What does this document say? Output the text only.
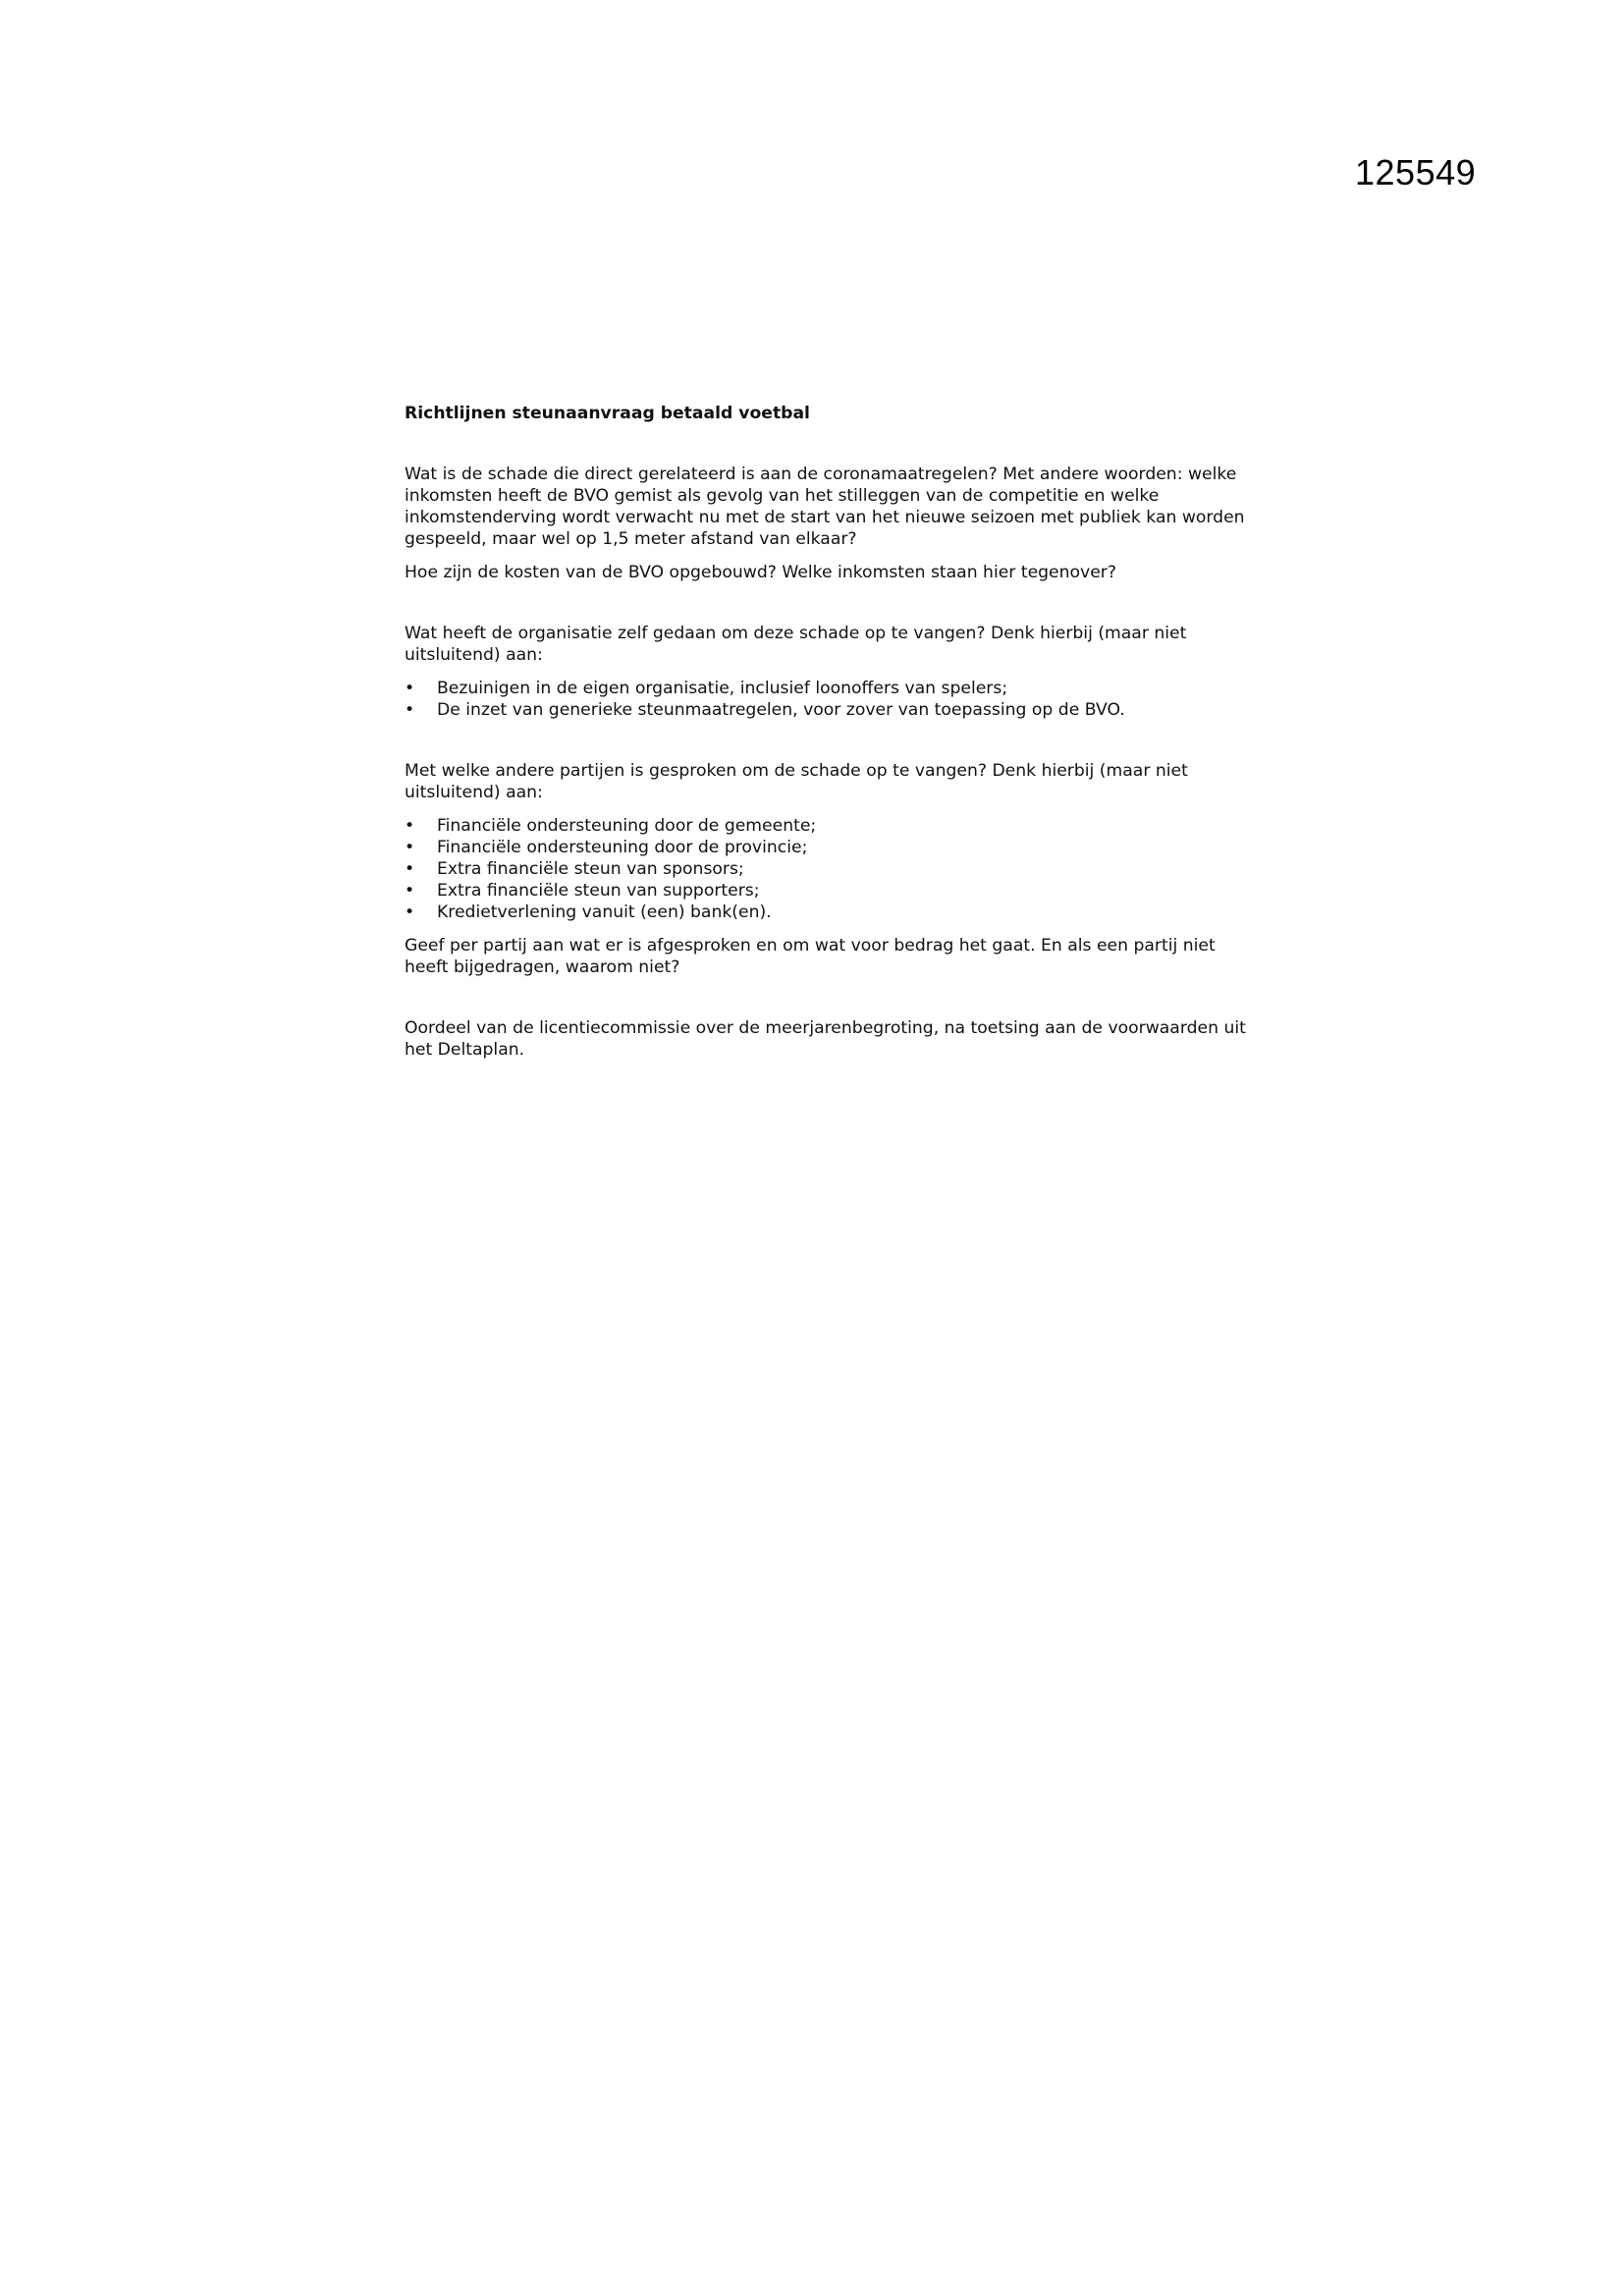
125549

Richtlijnen steunaanvraag betaald voetbal

Wat is de schade die direct gerelateerd is aan de coronamaatregelen? Met andere woorden: welke inkomsten heeft de BVO gemist als gevolg van het stilleggen van de competitie en welke inkomstenderving wordt verwacht nu met de start van het nieuwe seizoen met publiek kan worden gespeeld, maar wel op 1,5 meter afstand van elkaar?

Hoe zijn de kosten van de BVO opgebouwd? Welke inkomsten staan hier tegenover?

Wat heeft de organisatie zelf gedaan om deze schade op te vangen? Denk hierbij (maar niet uitsluitend) aan:

• Bezuinigen in de eigen organisatie, inclusief loonoffers van spelers;
• De inzet van generieke steunmaatregelen, voor zover van toepassing op de BVO.

Met welke andere partijen is gesproken om de schade op te vangen? Denk hierbij (maar niet uitsluitend) aan:

• Financiële ondersteuning door de gemeente;
• Financiële ondersteuning door de provincie;
• Extra financiële steun van sponsors;
• Extra financiële steun van supporters;
• Kredietverlening vanuit (een) bank(en).

Geef per partij aan wat er is afgesproken en om wat voor bedrag het gaat. En als een partij niet heeft bijgedragen, waarom niet?

Oordeel van de licentiecommissie over de meerjarenbegroting, na toetsing aan de voorwaarden uit het Deltaplan.
